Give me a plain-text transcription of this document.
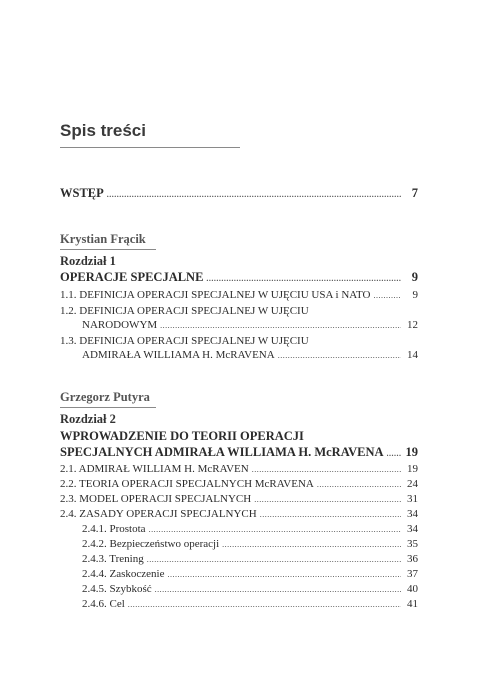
Spis treści
WSTĘP .....	7
Krystian Frącik
Rozdział 1
OPERACJE SPECJALNE .....	9
1.1. DEFINICJA OPERACJI SPECJALNEJ W UJĘCIU USA i NATO .....	9
1.2. DEFINICJA OPERACJI SPECJALNEJ W UJĘCIU
NARODOWYM .....	12
1.3. DEFINICJA OPERACJI SPECJALNEJ W UJĘCIU
ADMIRAŁA WILLIAMA H. McRAVENA .....	14
Grzegorz Putyra
Rozdział 2
WPROWADZENIE DO TEORII OPERACJI
SPECJALNYCH ADMIRAŁA WILLIAMA H. McRAVENA ..... 19
2.1. ADMIRAŁ WILLIAM H. McRAVEN .....	19
2.2. TEORIA OPERACJI SPECJALNYCH McRAVENA .....	24
2.3. MODEL OPERACJI SPECJALNYCH .....	31
2.4. ZASADY OPERACJI SPECJALNYCH .....	34
2.4.1. Prostota .....	34
2.4.2. Bezpieczeństwo operacji .....	35
2.4.3. Trening .....	36
2.4.4. Zaskoczenie .....	37
2.4.5. Szybkość .....	40
2.4.6. Cel .....	41
